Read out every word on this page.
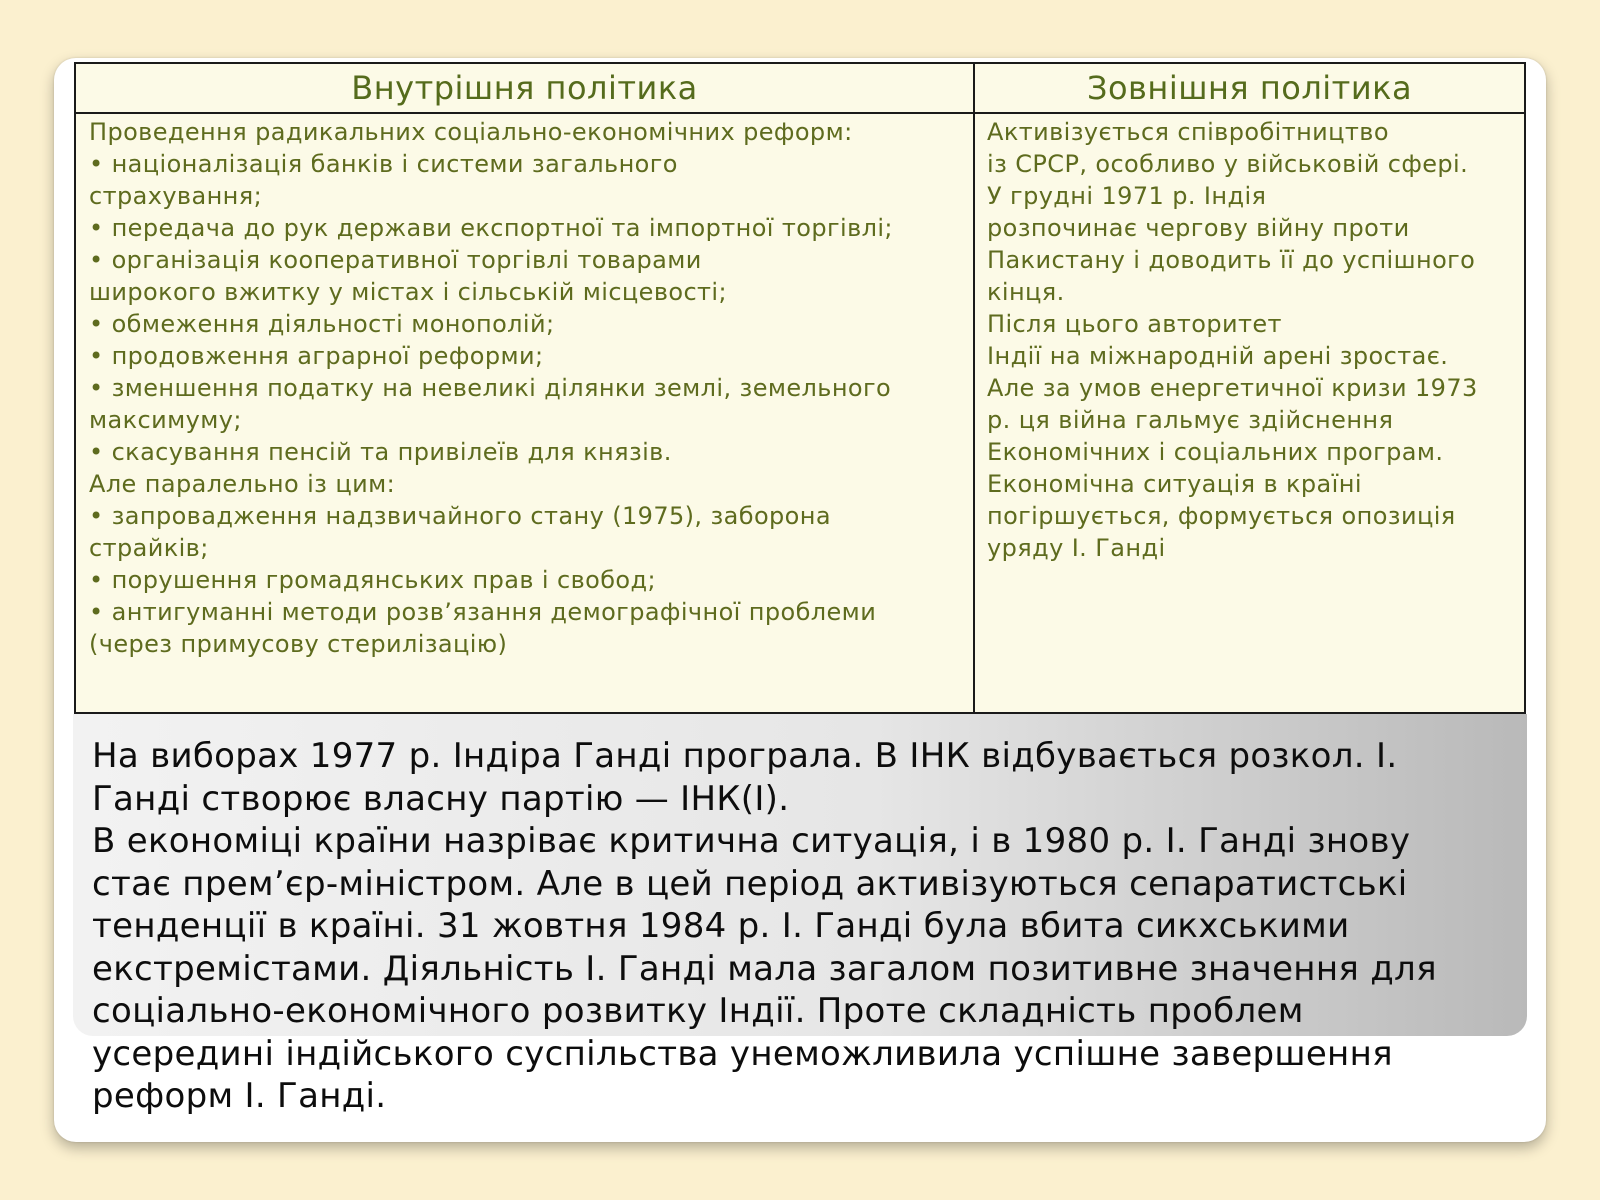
Внутрішня політика	Зовнішня політика
Проведення радикальних соціально-економічних реформ:
• націоналізація банків і системи загального
страхування;
• передача до рук держави експортної та імпортної торгівлі;
• організація кооперативної торгівлі товарами
широкого вжитку у містах і сільській місцевості;
• обмеження діяльності монополій;
• продовження аграрної реформи;
• зменшення податку на невеликі ділянки землі, земельного
максимуму;
• скасування пенсій та привілеїв для князів.
Але паралельно із цим:
• запровадження надзвичайного стану (1975), заборона
страйків;
• порушення громадянських прав і свобод;
• антигуманні методи розв’язання демографічної проблеми
(через примусову стерилізацію)
Активізується співробітництво
із СРСР, особливо у військовій сфері.
У грудні 1971 р. Індія
розпочинає чергову війну проти
Пакистану і доводить її до успішного
кінця.
Після цього авторитет
Індії на міжнародній арені зростає.
Але за умов енергетичної кризи 1973
р. ця війна гальмує здійснення
Економічних і соціальних програм.
Економічна ситуація в країні
погіршується, формується опозиція
уряду І. Ганді
На виборах 1977 р. Індіра Ганді програла. В ІНК відбувається розкол. І.
Ганді створює власну партію — ІНК(І).
В економіці країни назріває критична ситуація, і в 1980 р. І. Ганді знову
стає прем’єр-міністром. Але в цей період активізуються сепаратистські
тенденції в країні. 31 жовтня 1984 р. І. Ганді була вбита сикхськими
екстремістами. Діяльність І. Ганді мала загалом позитивне значення для
соціально-економічного розвитку Індії. Проте складність проблем
усередині індійського суспільства унеможливила успішне завершення
реформ І. Ганді.
